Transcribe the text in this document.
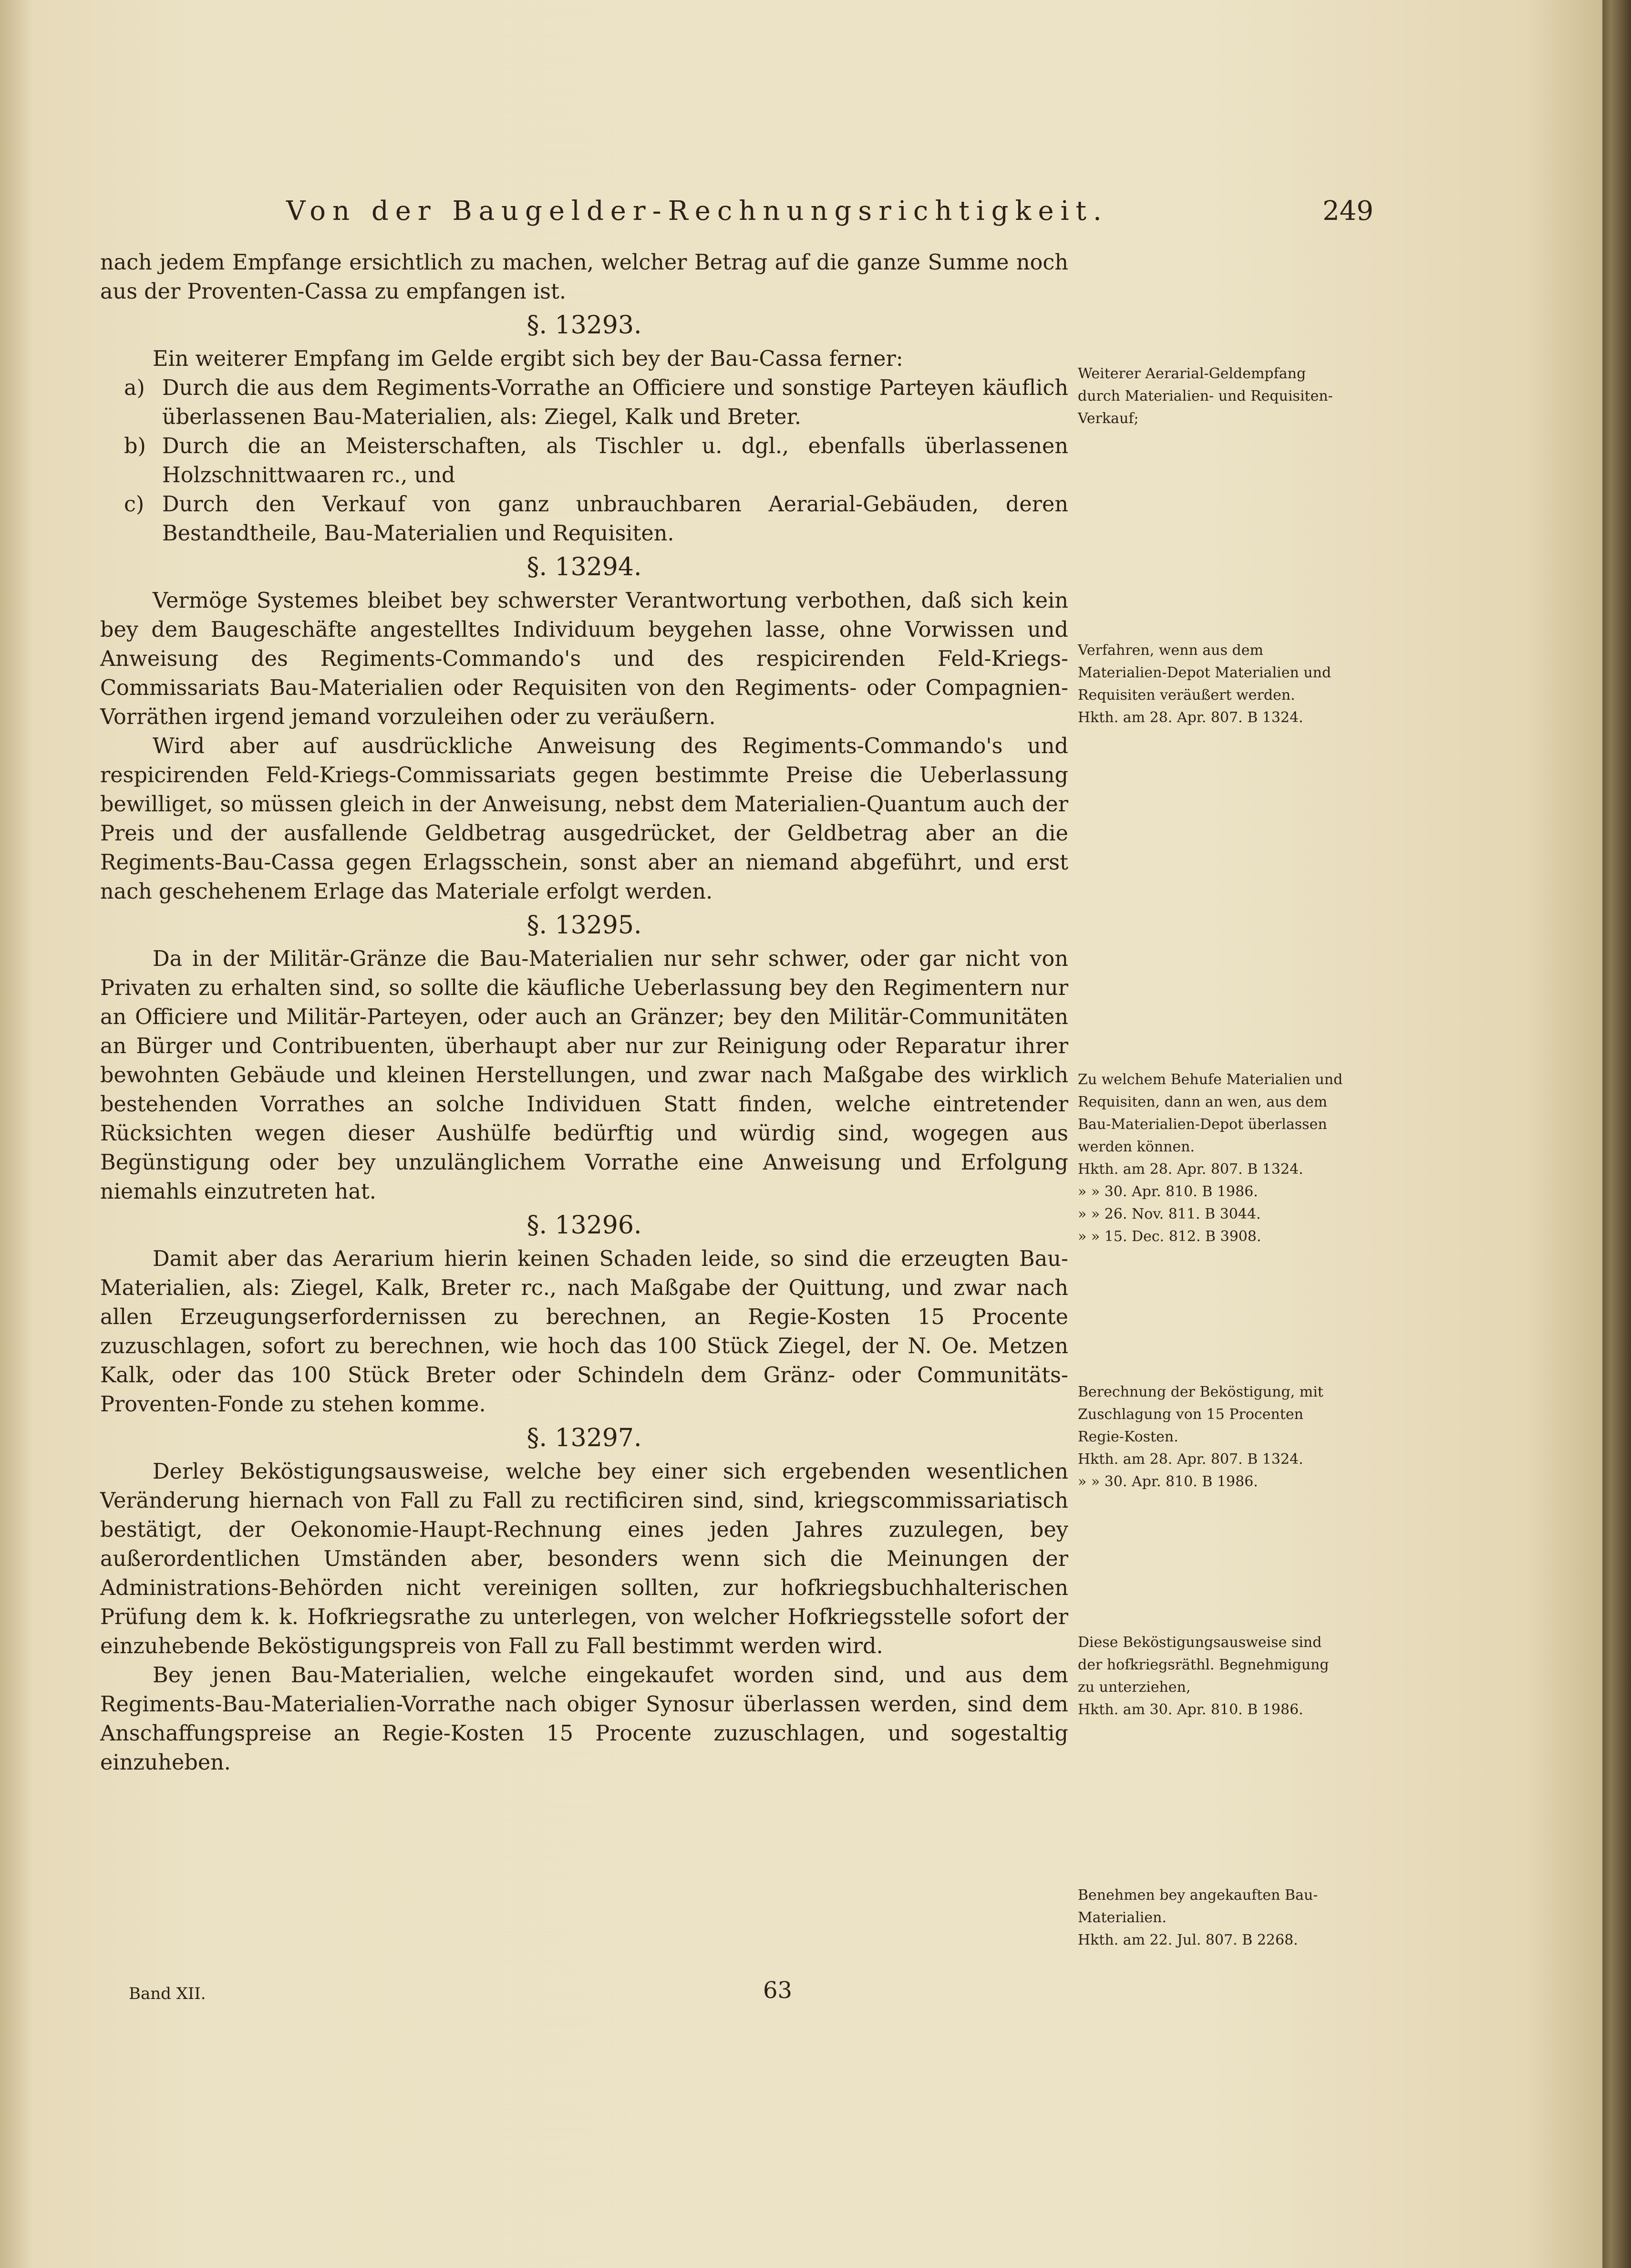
Von der Baugelder-Rechnungsrichtigkeit.	249

nach jedem Empfange ersichtlich zu machen, welcher Betrag auf die ganze Summe noch aus der Proventen-Cassa zu empfangen ist.

§. 13293.

Ein weiterer Empfang im Gelde ergibt sich bey der Bau-Cassa ferner:

a) Durch die aus dem Regiments-Vorrathe an Officiere und sonstige Parteyen käuflich überlassenen Bau-Materialien, als: Ziegel, Kalk und Breter.
b) Durch die an Meisterschaften, als Tischler u. dgl., ebenfalls überlassenen Holzschnittwaaren rc., und
c) Durch den Verkauf von ganz unbrauchbaren Aerarial-Gebäuden, deren Bestandtheile, Bau-Materialien und Requisiten.
§. 13294.

Vermöge Systemes bleibet bey schwerster Verantwortung verbothen, daß sich kein bey dem Baugeschäfte angestelltes Individuum beygehen lasse, ohne Vorwissen und Anweisung des Regiments-Commando's und des respicirenden Feld-Kriegs-Commissariats Bau-Materialien oder Requisiten von den Regiments- oder Compagnien-Vorräthen irgend jemand vorzuleihen oder zu veräußern.

Wird aber auf ausdrückliche Anweisung des Regiments-Commando's und respicirenden Feld-Kriegs-Commissariats gegen bestimmte Preise die Ueberlassung bewilliget, so müssen gleich in der Anweisung, nebst dem Materialien-Quantum auch der Preis und der ausfallende Geldbetrag ausgedrücket, der Geldbetrag aber an die Regiments-Bau-Cassa gegen Erlagsschein, sonst aber an niemand abgeführt, und erst nach geschehenem Erlage das Materiale erfolgt werden.

§. 13295.

Da in der Militär-Gränze die Bau-Materialien nur sehr schwer, oder gar nicht von Privaten zu erhalten sind, so sollte die käufliche Ueberlassung bey den Regimentern nur an Officiere und Militär-Parteyen, oder auch an Gränzer; bey den Militär-Communitäten an Bürger und Contribuenten, überhaupt aber nur zur Reinigung oder Reparatur ihrer bewohnten Gebäude und kleinen Herstellungen, und zwar nach Maßgabe des wirklich bestehenden Vorrathes an solche Individuen Statt finden, welche eintretender Rücksichten wegen dieser Aushülfe bedürftig und würdig sind, wogegen aus Begünstigung oder bey unzulänglichem Vorrathe eine Anweisung und Erfolgung niemahls einzutreten hat.

§. 13296.

Damit aber das Aerarium hierin keinen Schaden leide, so sind die erzeugten Bau-Materialien, als: Ziegel, Kalk, Breter rc., nach Maßgabe der Quittung, und zwar nach allen Erzeugungserfordernissen zu berechnen, an Regie-Kosten 15 Procente zuzuschlagen, sofort zu berechnen, wie hoch das 100 Stück Ziegel, der N. Oe. Metzen Kalk, oder das 100 Stück Breter oder Schindeln dem Gränz- oder Communitäts-Proventen-Fonde zu stehen komme.

§. 13297.

Derley Beköstigungsausweise, welche bey einer sich ergebenden wesentlichen Veränderung hiernach von Fall zu Fall zu rectificiren sind, sind, kriegscommissariatisch bestätigt, der Oekonomie-Haupt-Rechnung eines jeden Jahres zuzulegen, bey außerordentlichen Umständen aber, besonders wenn sich die Meinungen der Administrations-Behörden nicht vereinigen sollten, zur hofkriegsbuchhalterischen Prüfung dem k. k. Hofkriegsrathe zu unterlegen, von welcher Hofkriegsstelle sofort der einzuhebende Beköstigungspreis von Fall zu Fall bestimmt werden wird.

Bey jenen Bau-Materialien, welche eingekaufet worden sind, und aus dem Regiments-Bau-Materialien-Vorrathe nach obiger Synosur überlassen werden, sind dem Anschaffungspreise an Regie-Kosten 15 Procente zuzuschlagen, und sogestaltig einzuheben.

Weiterer Aerarial-Geldempfang durch Materialien- und Requisiten-Verkauf;
Verfahren, wenn aus dem Materialien-Depot Materialien und Requisiten veräußert werden.
Hkth. am 28. Apr. 807. B 1324.
Zu welchem Behufe Materialien und Requisiten, dann an wen, aus dem Bau-Materialien-Depot überlassen werden können.
Hkth. am 28. Apr. 807. B 1324.
» » 30. Apr. 810. B 1986.
» » 26. Nov. 811. B 3044.
» » 15. Dec. 812. B 3908.
Berechnung der Beköstigung, mit Zuschlagung von 15 Procenten Regie-Kosten.
Hkth. am 28. Apr. 807. B 1324.
» » 30. Apr. 810. B 1986.
Diese Beköstigungsausweise sind der hofkriegsräthl. Begnehmigung zu unterziehen,
Hkth. am 30. Apr. 810. B 1986.
Benehmen bey angekauften Bau-Materialien.
Hkth. am 22. Jul. 807. B 2268.
Band XII.	63
